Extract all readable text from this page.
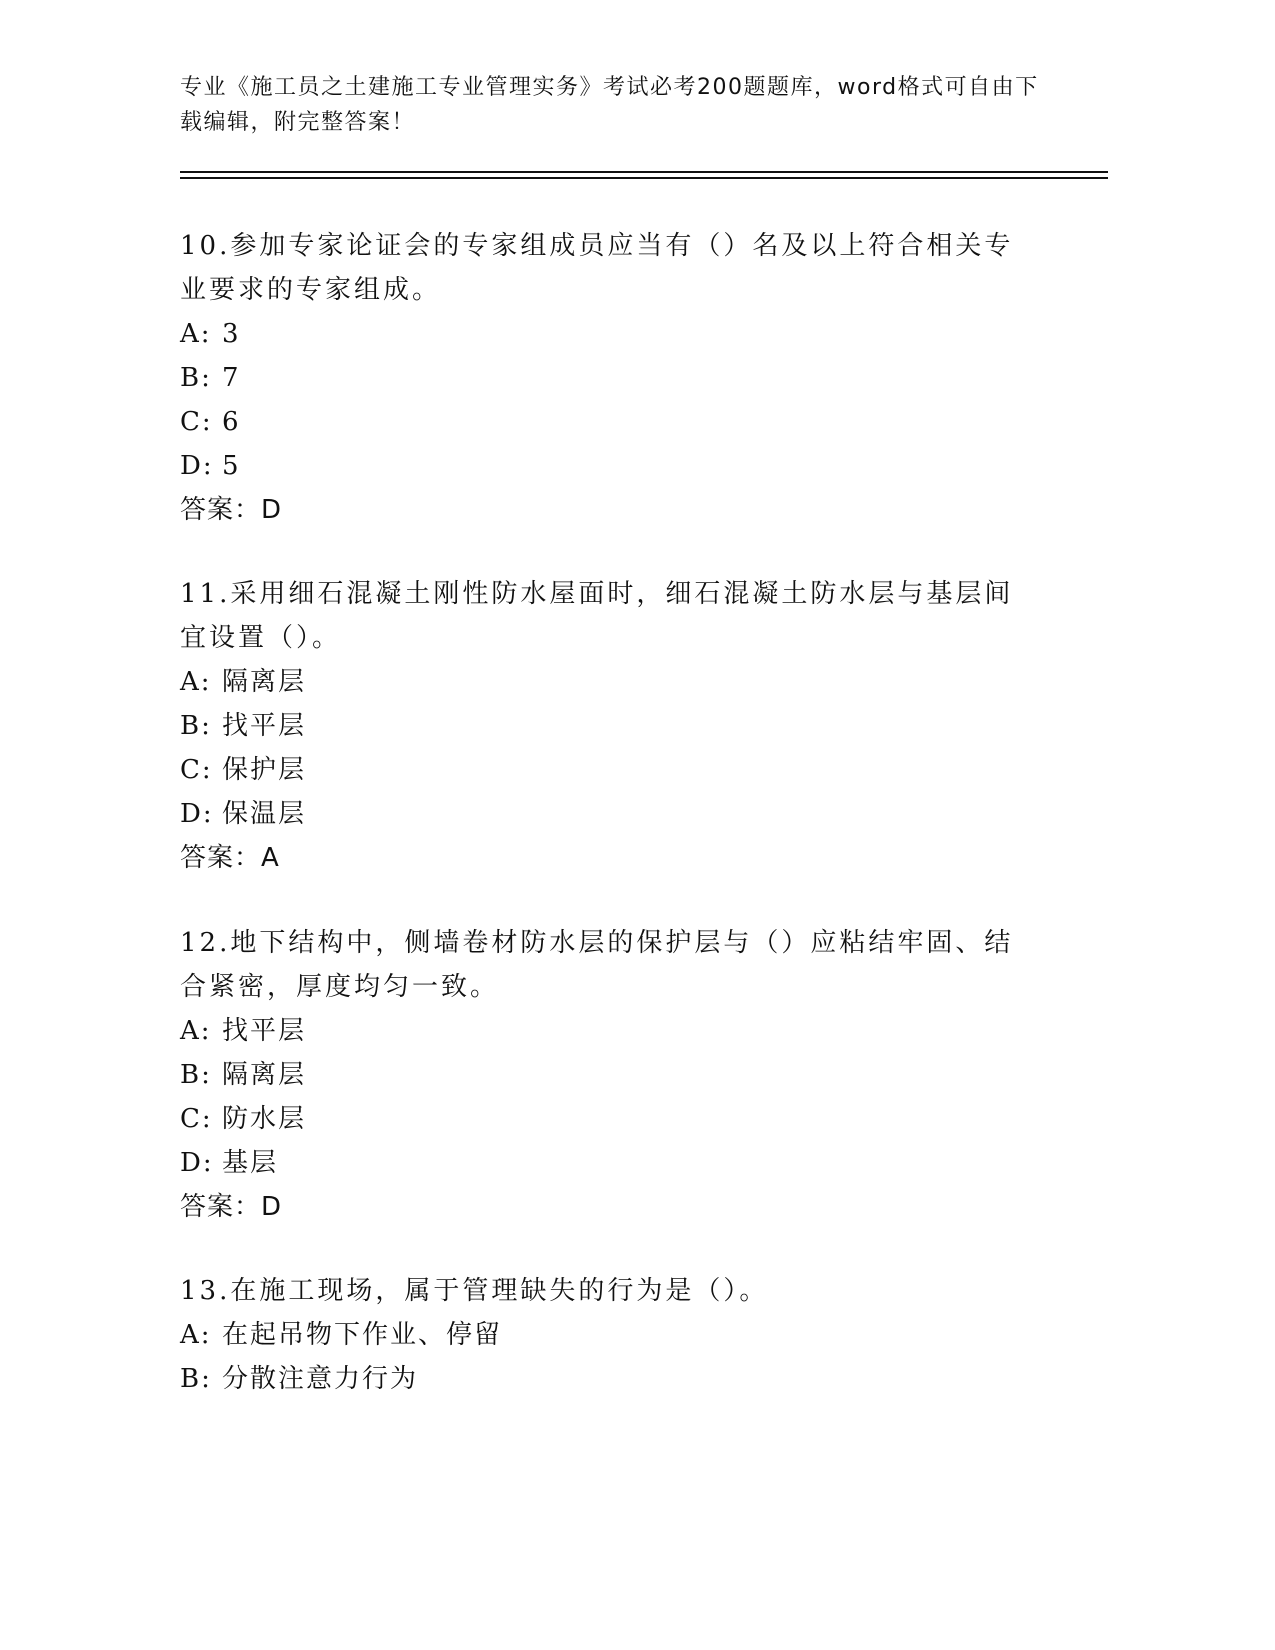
专业《施工员之土建施工专业管理实务》考试必考200题题库，word格式可自由下载编辑，附完整答案！

10.参加专家论证会的专家组成员应当有（）名及以上符合相关专业要求的专家组成。

A: 3

B: 7

C: 6

D: 5

答案：D

11.采用细石混凝土刚性防水屋面时，细石混凝土防水层与基层间宜设置（）。

A: 隔离层

B: 找平层

C: 保护层

D: 保温层

答案：A

12.地下结构中，侧墙卷材防水层的保护层与（）应粘结牢固、结合紧密，厚度均匀一致。

A: 找平层

B: 隔离层

C: 防水层

D: 基层

答案：D

13.在施工现场，属于管理缺失的行为是（）。

A: 在起吊物下作业、停留

B: 分散注意力行为
